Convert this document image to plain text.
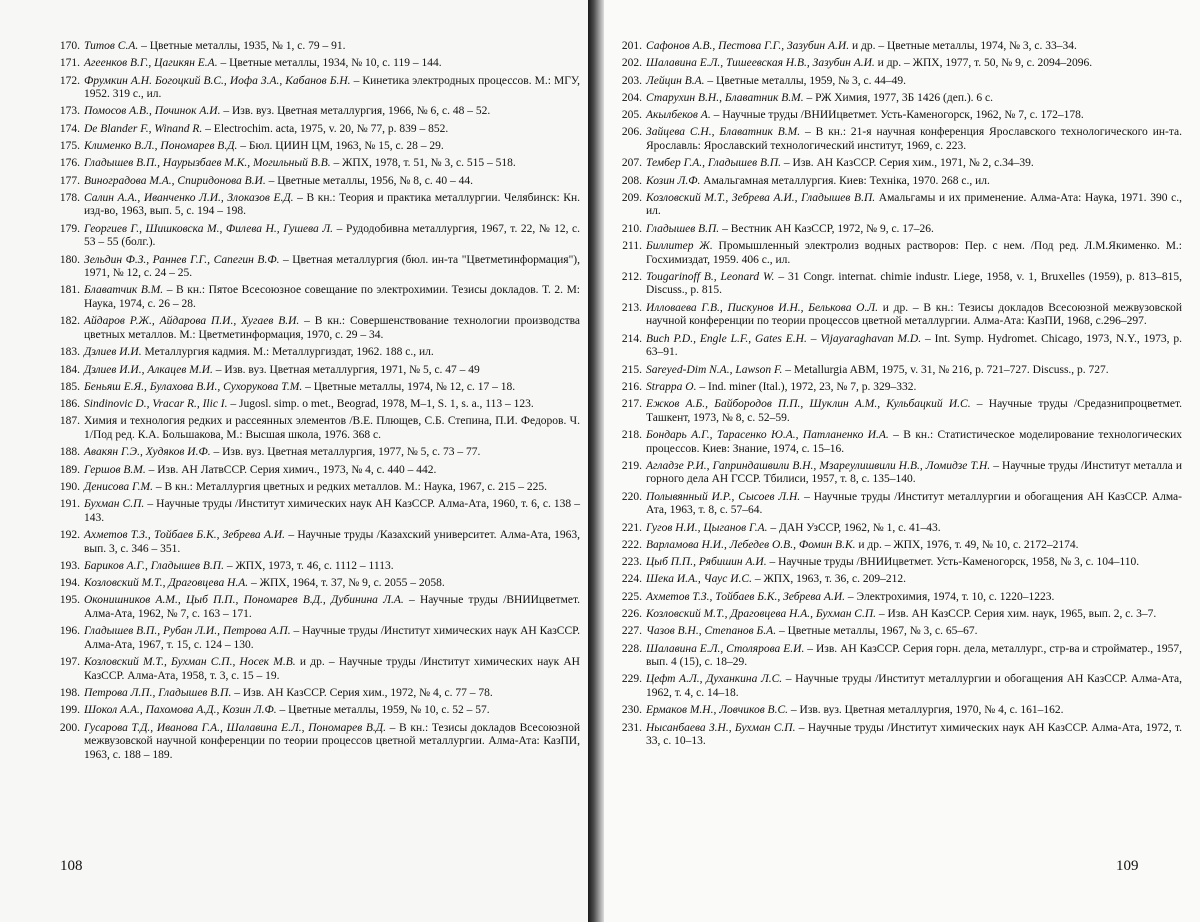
170. Титов С.А. – Цветные металлы, 1935, № 1, с. 79 – 91.
171. Агеенков В.Г., Цагикян Е.А. – Цветные металлы, 1934, № 10, с. 119 – 144.
172. Фрумкин А.Н. Богоцкий В.С., Иофа З.А., Кабанов Б.Н. – Кинетика электродных процессов. М.: МГУ, 1952. 319 с., ил.
173. Помосов А.В., Починок А.И. – Изв. вуз. Цветная металлургия, 1966, № 6, с. 48 – 52.
174. De Blander F., Winand R. – Electrochim. acta, 1975, v. 20, № 77, p. 839 – 852.
175. Клименко В.Л., Пономарев В.Д. – Бюл. ЦИИН ЦМ, 1963, № 15, с. 28 – 29.
176. Гладышев В.П., Наурызбаев М.К., Могильный В.В. – ЖПХ, 1978, т. 51, № 3, с. 515 – 518.
177. Виноградова М.А., Спиридонова В.И. – Цветные металлы, 1956, № 8, с. 40 – 44.
178. Салин А.А., Иванченко Л.И., Злоказов Е.Д. – В кн.: Теория и практика металлургии. Челябинск: Кн. изд-во, 1963, вып. 5, с. 194 – 198.
179. Георгиев Г., Шишковска М., Филева Н., Гушева Л. – Рудодобивна металлургия, 1967, т. 22, № 12, с. 53 – 55 (болг.).
180. Зельдин Ф.З., Раннев Г.Г., Сапегин В.Ф. – Цветная металлургия (бюл. ин-та "Цветметинформация"), 1971, № 12, с. 24 – 25.
181. Блаватчик В.М. – В кн.: Пятое Всесоюзное совещание по электрохимии. Тезисы докладов. Т. 2. М: Наука, 1974, с. 26 – 28.
182. Айдаров Р.Ж., Айдарова П.И., Хугаев В.И. – В кн.: Совершенствование технологии производства цветных металлов. М.: Цветметинформация, 1970, с. 29 – 34.
183. Дзлиев И.И. Металлургия кадмия. М.: Металлургиздат, 1962. 188 с., ил.
184. Дзлиев И.И., Алкацев М.И. – Изв. вуз. Цветная металлургия, 1971, № 5, с. 47 – 49
185. Беньяш Е.Я., Булахова В.И., Сухорукова Т.М. – Цветные металлы, 1974, № 12, с. 17 – 18.
186. Sindinovic D., Vracar R., Ilic I. – Jugosl. simp. o met., Beograd, 1978, M–1, S. 1, s. a., 113 – 123.
187. Химия и технология редких и рассеянных элементов /В.Е. Плющев, С.Б. Степина, П.И. Федоров. Ч. 1/Под ред. К.А. Большакова, М.: Высшая школа, 1976. 368 с.
188. Авакян Г.Э., Худяков И.Ф. – Изв. вуз. Цветная металлургия, 1977, № 5, с. 73 – 77.
189. Гершов В.М. – Изв. АН ЛатвССР. Серия химич., 1973, № 4, с. 440 – 442.
190. Денисова Г.М. – В кн.: Металлургия цветных и редких металлов. М.: Наука, 1967, с. 215 – 225.
191. Бухман С.П. – Научные труды /Институт химических наук АН КазССР. Алма-Ата, 1960, т. 6, с. 138 – 143.
192. Ахметов Т.З., Тойбаев Б.К., Зебрева А.И. – Научные труды /Казахский университет. Алма-Ата, 1963, вып. 3, с. 346 – 351.
193. Бариков А.Г., Гладышев В.П. – ЖПХ, 1973, т. 46, с. 1112 – 1113.
194. Козловский М.Т., Драговцева Н.А. – ЖПХ, 1964, т. 37, № 9, с. 2055 – 2058.
195. Оконишников А.М., Цыб П.П., Пономарев В.Д., Дубинина Л.А. – Научные труды /ВНИИцветмет. Алма-Ата, 1962, № 7, с. 163 – 171.
196. Гладышев В.П., Рубан Л.И., Петрова А.П. – Научные труды /Институт химических наук АН КазССР. Алма-Ата, 1967, т. 15, с. 124 – 130.
197. Козловский М.Т., Бухман С.П., Носек М.В. и др. – Научные труды /Институт химических наук АН КазССР. Алма-Ата, 1958, т. 3, с. 15 – 19.
198. Петрова Л.П., Гладышев В.П. – Изв. АН КазССР. Серия хим., 1972, № 4, с. 77 – 78.
199. Шокол А.А., Пахомова А.Д., Козин Л.Ф. – Цветные металлы, 1959, № 10, с. 52 – 57.
200. Гусарова Т.Д., Иванова Г.А., Шалавина Е.Л., Пономарев В.Д. – В кн.: Тезисы докладов Всесоюзной межвузовской научной конференции по теории процессов цветной металлургии. Алма-Ата: КазПИ, 1963, с. 188 – 189.
108
201. Сафонов А.В., Пестова Г.Г., Зазубин А.И. и др. – Цветные металлы, 1974, № 3, с. 33–34.
202. Шалавина Е.Л., Тишеевская Н.В., Зазубин А.И. и др. – ЖПХ, 1977, т. 50, № 9, с. 2094–2096.
203. Лейцин В.А. – Цветные металлы, 1959, № 3, с. 44–49.
204. Старухин В.Н., Блаватник В.М. – РЖ Химия, 1977, 3Б 1426 (деп.). 6 с.
205. Акылбеков А. – Научные труды /ВНИИцветмет. Усть-Каменогорск, 1962, № 7, с. 172–178.
206. Зайцева С.Н., Блаватник В.М. – В кн.: 21-я научная конференция Ярославского технологического ин-та. Ярославль: Ярославский технологический институт, 1969, с. 223.
207. Тембер Г.А., Гладышев В.П. – Изв. АН КазССР. Серия хим., 1971, № 2, с.34–39.
208. Козин Л.Ф. Амальгамная металлургия. Киев: Техніка, 1970. 268 с., ил.
209. Козловский М.Т., Зебрева А.И., Гладышев В.П. Амальгамы и их применение. Алма-Ата: Наука, 1971. 390 с., ил.
210. Гладышев В.П. – Вестник АН КазССР, 1972, № 9, с. 17–26.
211. Биллитер Ж. Промышленный электролиз водных растворов: Пер. с нем. /Под ред. Л.М.Якименко. М.: Госхимиздат, 1959. 406 с., ил.
212. Tougarinoff B., Leonard W. – 31 Congr. internat. chimie industr. Liege, 1958, v. 1, Bruxelles (1959), p. 813–815, Discuss., p. 815.
213. Илловаева Г.В., Пискунов И.Н., Белькова О.Л. и др. – В кн.: Тезисы докладов Всесоюзной межвузовской научной конференции по теории процессов цветной металлургии. Алма-Ата: КазПИ, 1968, с.296–297.
214. Buch P.D., Engle L.F., Gates E.H. – Vijayaraghavan M.D. – Int. Symp. Hydromet. Chicago, 1973, N.Y., 1973, p. 63–91.
215. Sareyed-Dim N.A., Lawson F. – Metallurgia ABM, 1975, v. 31, № 216, p. 721–727. Discuss., p. 727.
216. Strappa O. – Ind. miner (Ital.), 1972, 23, № 7, p. 329–332.
217. Ежков А.Б., Байбородов П.П., Шуклин А.М., Кульбацкий И.С. – Научные труды /Средазнипроцветмет. Ташкент, 1973, № 8, с. 52–59.
218. Бондарь А.Г., Тарасенко Ю.А., Патланенко И.А. – В кн.: Статистическое моделирование технологических процессов. Киев: Знание, 1974, с. 15–16.
219. Агладзе Р.И., Гаприндашвили В.Н., Мзареулишвили Н.В., Ломидзе Т.Н. – Научные труды /Институт металла и горного дела АН ГССР. Тбилиси, 1957, т. 8, с. 135–140.
220. Полывянный И.Р., Сысоев Л.Н. – Научные труды /Институт металлургии и обогащения АН КазССР. Алма-Ата, 1963, т. 8, с. 57–64.
221. Гугов Н.И., Цыганов Г.А. – ДАН УзССР, 1962, № 1, с. 41–43.
222. Варламова Н.И., Лебедев О.В., Фомин В.К. и др. – ЖПХ, 1976, т. 49, № 10, с. 2172–2174.
223. Цыб П.П., Рябишин А.И. – Научные труды /ВНИИцветмет. Усть-Каменогорск, 1958, № 3, с. 104–110.
224. Шека И.А., Чаус И.С. – ЖПХ, 1963, т. 36, с. 209–212.
225. Ахметов Т.З., Тойбаев Б.К., Зебрева А.И. – Электрохимия, 1974, т. 10, с. 1220–1223.
226. Козловский М.Т., Драговцева Н.А., Бухман С.П. – Изв. АН КазССР. Серия хим. наук, 1965, вып. 2, с. 3–7.
227. Чазов В.Н., Степанов Б.А. – Цветные металлы, 1967, № 3, с. 65–67.
228. Шалавина Е.Л., Столярова Е.И. – Изв. АН КазССР. Серия горн. дела, металлург., стр-ва и стройматер., 1957, вып. 4 (15), с. 18–29.
229. Цефт А.Л., Духанкина Л.С. – Научные труды /Институт металлургии и обогащения АН КазССР. Алма-Ата, 1962, т. 4, с. 14–18.
230. Ермаков М.Н., Ловчиков В.С. – Изв. вуз. Цветная металлургия, 1970, № 4, с. 161–162.
231. Нысанбаева З.Н., Бухман С.П. – Научные труды /Институт химических наук АН КазССР. Алма-Ата, 1972, т. 33, с. 10–13.
109
